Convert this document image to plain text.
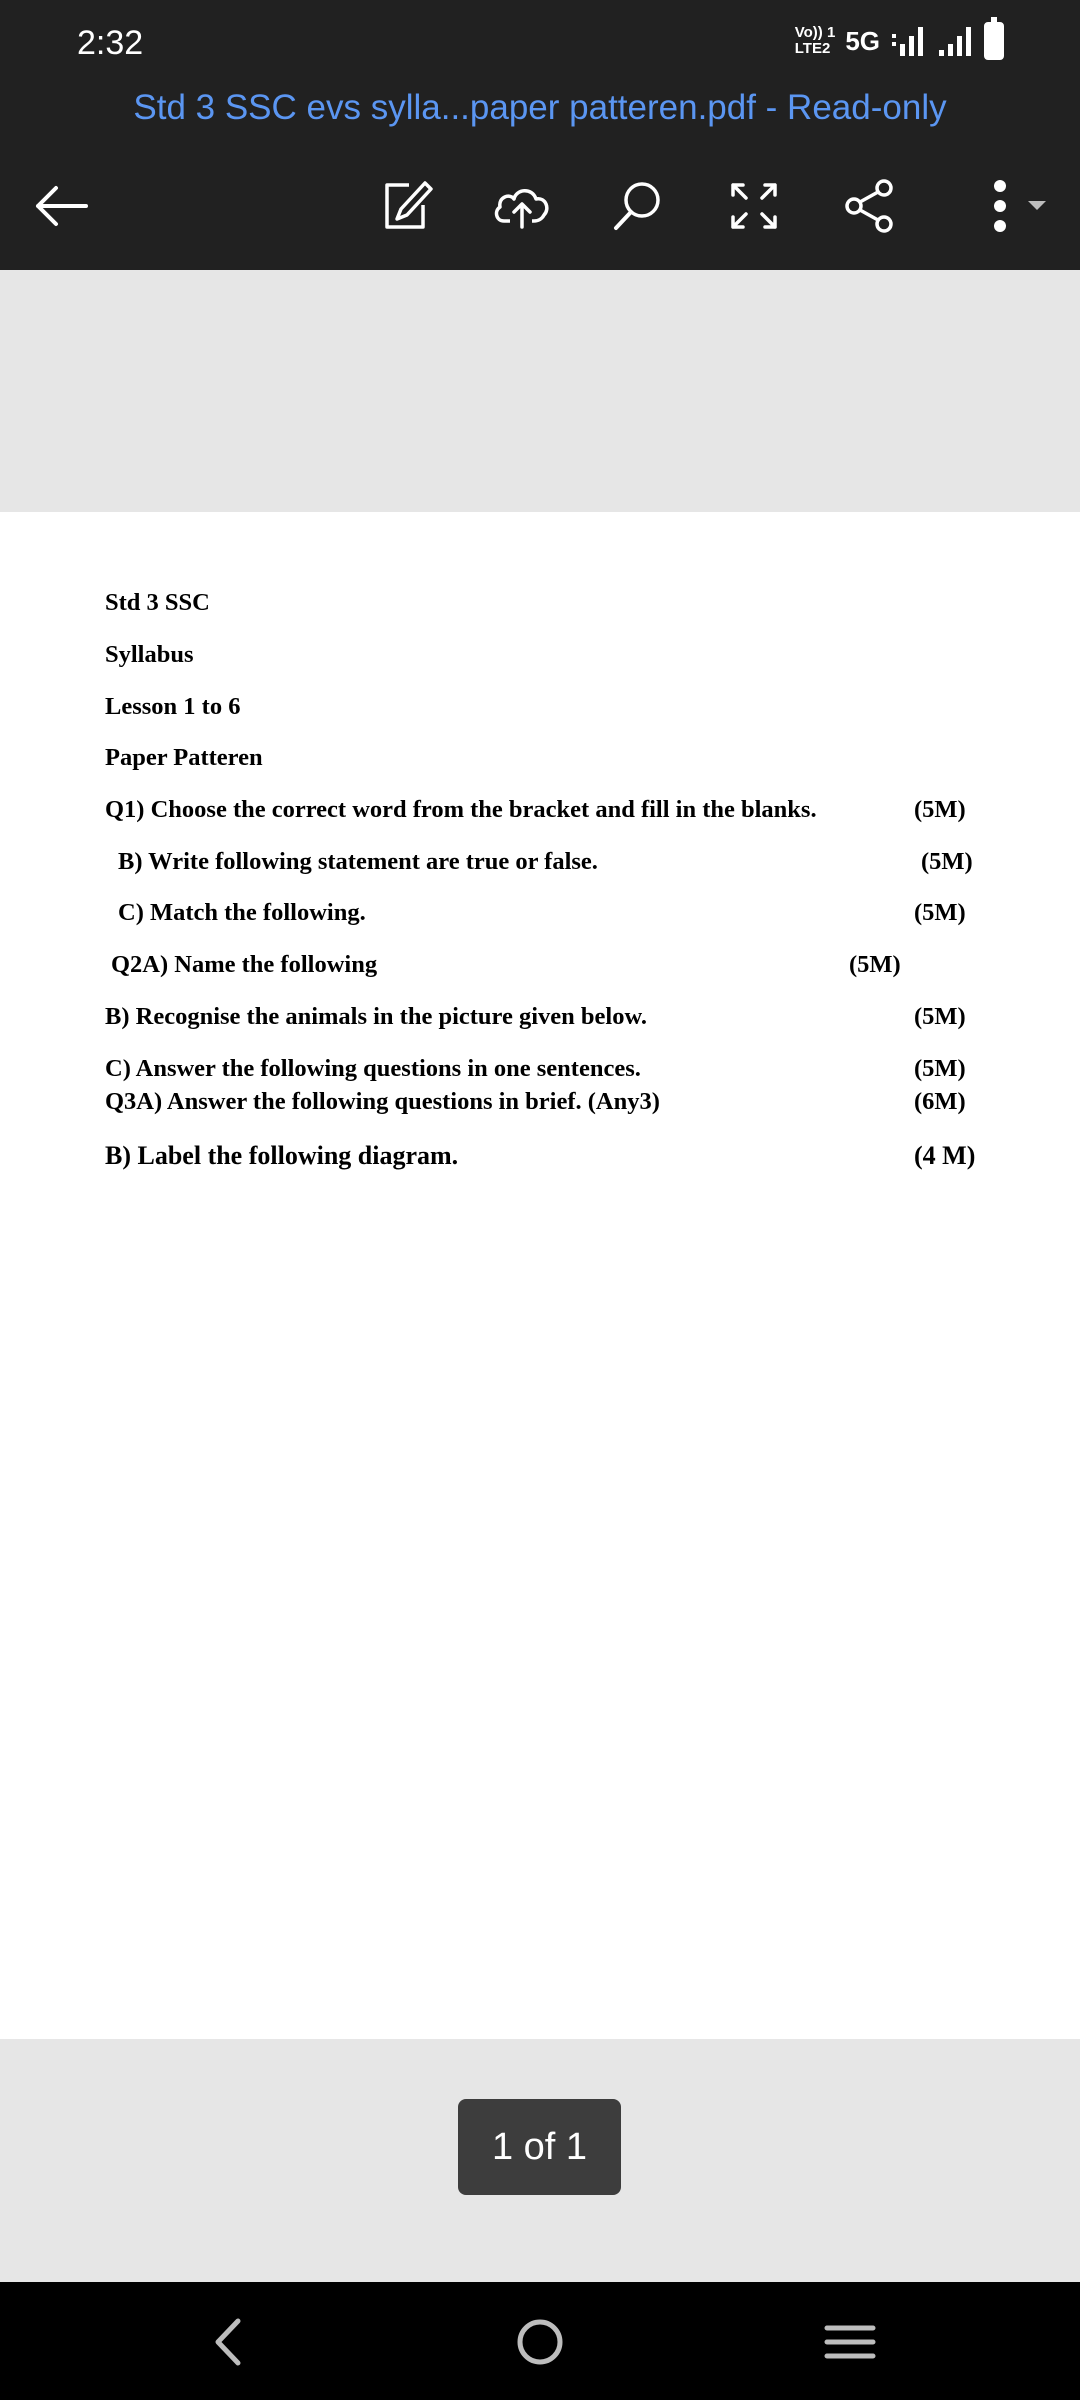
2:32	Vo)) 1
LTE2 5G
Std 3 SSC evs sylla...paper patteren.pdf - Read-only
Std 3 SSC
Syllabus
Lesson 1 to 6
Paper Patteren
Q1) Choose the correct word from the bracket and fill in the blanks.	(5M)
B) Write following statement are true or false.	(5M)
C) Match the following.	(5M)
Q2A) Name the following	(5M)
B) Recognise the animals in the picture given below.	(5M)
C) Answer the following questions in one sentences.	(5M)
Q3A) Answer the following questions in brief. (Any3)	(6M)
B) Label the following diagram.	(4 M)
1 of 1
